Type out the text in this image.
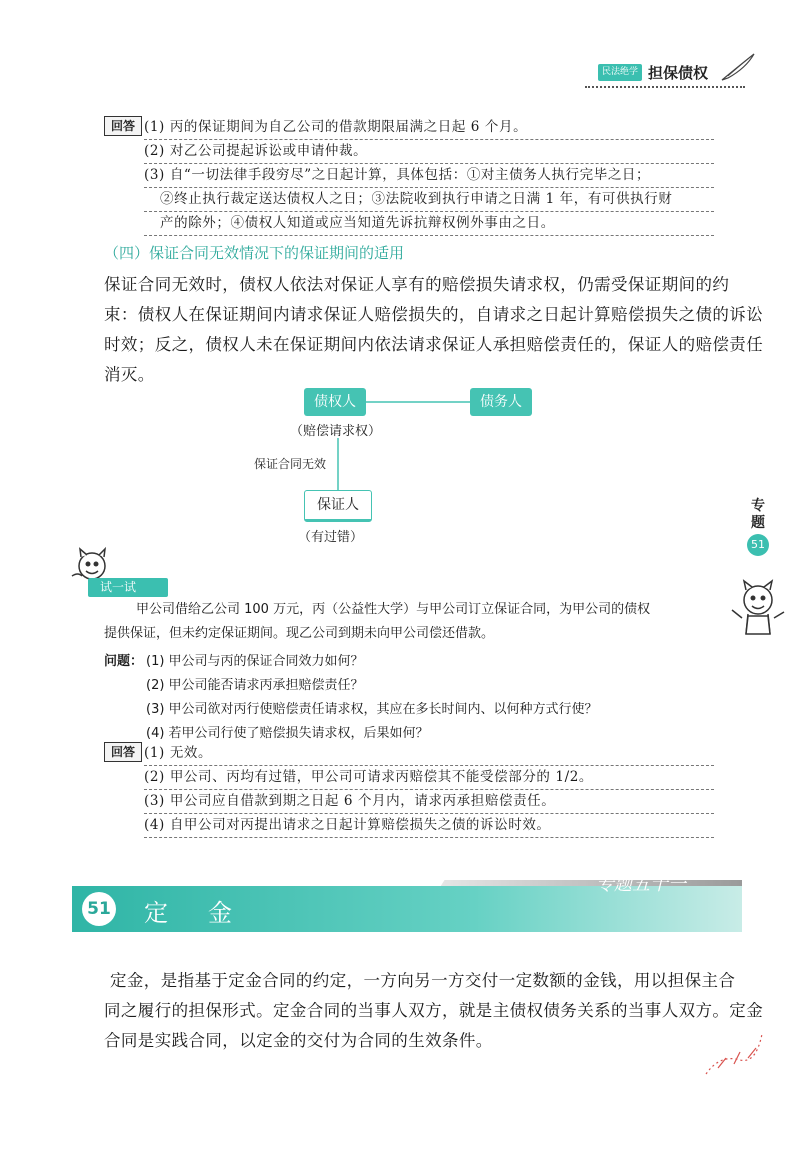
民法绝学 担保债权
回答 (1) 丙的保证期间为自乙公司的借款期限届满之日起 6 个月。
(2) 对乙公司提起诉讼或申请仲裁。
(3) 自“一切法律手段穷尽”之日起计算，具体包括：①对主债务人执行完毕之日；
②终止执行裁定送达债权人之日；③法院收到执行申请之日满 1 年，有可供执行财
产的除外；④债权人知道或应当知道先诉抗辩权例外事由之日。
（四）保证合同无效情况下的保证期间的适用
保证合同无效时，债权人依法对保证人享有的赔偿损失请求权，仍需受保证期间的约
束：债权人在保证期间内请求保证人赔偿损失的，自请求之日起计算赔偿损失之债的诉讼
时效；反之，债权人未在保证期间内依法请求保证人承担赔偿责任的，保证人的赔偿责任
消灭。
债权人	债务人
（赔偿请求权）
保证合同无效
保证人
（有过错）
专题
51
试一试
甲公司借给乙公司 100 万元，丙（公益性大学）与甲公司订立保证合同，为甲公司的债权
提供保证，但未约定保证期间。现乙公司到期未向甲公司偿还借款。
问题： (1) 甲公司与丙的保证合同效力如何？
(2) 甲公司能否请求丙承担赔偿责任？
(3) 甲公司欲对丙行使赔偿责任请求权，其应在多长时间内、以何种方式行使？
(4) 若甲公司行使了赔偿损失请求权，后果如何？
回答 (1) 无效。
(2) 甲公司、丙均有过错，甲公司可请求丙赔偿其不能受偿部分的 1/2。
(3) 甲公司应自借款到期之日起 6 个月内，请求丙承担赔偿责任。
(4) 自甲公司对丙提出请求之日起计算赔偿损失之债的诉讼时效。
51 定金
专题五十一
定金，是指基于定金合同的约定，一方向另一方交付一定数额的金钱，用以担保主合
同之履行的担保形式。定金合同的当事人双方，就是主债权债务关系的当事人双方。定金
合同是实践合同，以定金的交付为合同的生效条件。
